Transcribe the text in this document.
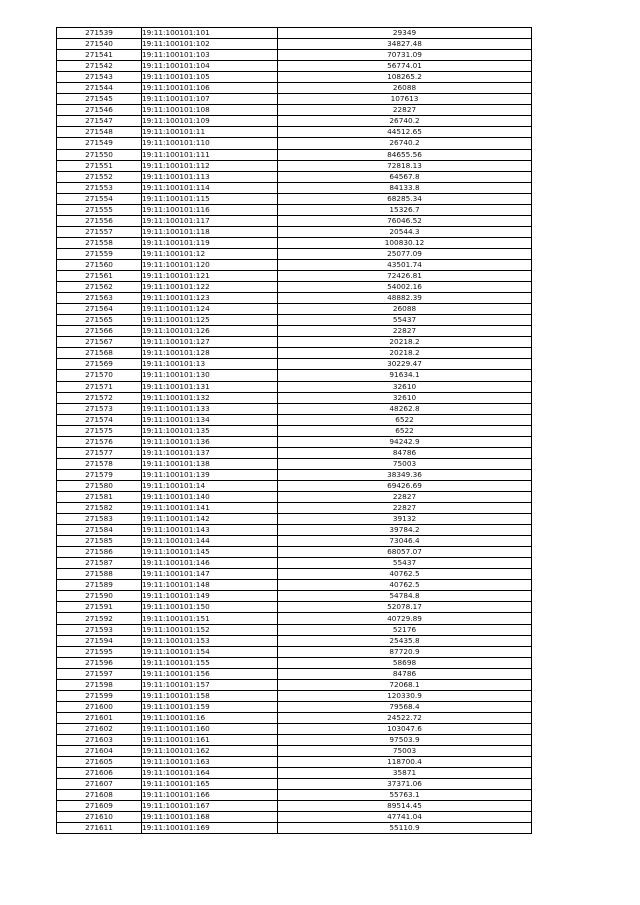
271539	19:11:100101:101	29349
271540	19:11:100101:102	34827.48
271541	19:11:100101:103	70731.09
271542	19:11:100101:104	56774.01
271543	19:11:100101:105	108265.2
271544	19:11:100101:106	26088
271545	19:11:100101:107	107613
271546	19:11:100101:108	22827
271547	19:11:100101:109	26740.2
271548	19:11:100101:11	44512.65
271549	19:11:100101:110	26740.2
271550	19:11:100101:111	84655.56
271551	19:11:100101:112	72818.13
271552	19:11:100101:113	64567.8
271553	19:11:100101:114	84133.8
271554	19:11:100101:115	68285.34
271555	19:11:100101:116	15326.7
271556	19:11:100101:117	76046.52
271557	19:11:100101:118	20544.3
271558	19:11:100101:119	100830.12
271559	19:11:100101:12	25077.09
271560	19:11:100101:120	43501.74
271561	19:11:100101:121	72426.81
271562	19:11:100101:122	54002.16
271563	19:11:100101:123	48882.39
271564	19:11:100101:124	26088
271565	19:11:100101:125	55437
271566	19:11:100101:126	22827
271567	19:11:100101:127	20218.2
271568	19:11:100101:128	20218.2
271569	19:11:100101:13	30229.47
271570	19:11:100101:130	91634.1
271571	19:11:100101:131	32610
271572	19:11:100101:132	32610
271573	19:11:100101:133	48262.8
271574	19:11:100101:134	6522
271575	19:11:100101:135	6522
271576	19:11:100101:136	94242.9
271577	19:11:100101:137	84786
271578	19:11:100101:138	75003
271579	19:11:100101:139	38349.36
271580	19:11:100101:14	69426.69
271581	19:11:100101:140	22827
271582	19:11:100101:141	22827
271583	19:11:100101:142	39132
271584	19:11:100101:143	39784.2
271585	19:11:100101:144	73046.4
271586	19:11:100101:145	68057.07
271587	19:11:100101:146	55437
271588	19:11:100101:147	40762.5
271589	19:11:100101:148	40762.5
271590	19:11:100101:149	54784.8
271591	19:11:100101:150	52078.17
271592	19:11:100101:151	40729.89
271593	19:11:100101:152	52176
271594	19:11:100101:153	25435.8
271595	19:11:100101:154	87720.9
271596	19:11:100101:155	58698
271597	19:11:100101:156	84786
271598	19:11:100101:157	72068.1
271599	19:11:100101:158	120330.9
271600	19:11:100101:159	79568.4
271601	19:11:100101:16	24522.72
271602	19:11:100101:160	103047.6
271603	19:11:100101:161	97503.9
271604	19:11:100101:162	75003
271605	19:11:100101:163	118700.4
271606	19:11:100101:164	35871
271607	19:11:100101:165	37371.06
271608	19:11:100101:166	55763.1
271609	19:11:100101:167	89514.45
271610	19:11:100101:168	47741.04
271611	19:11:100101:169	55110.9
